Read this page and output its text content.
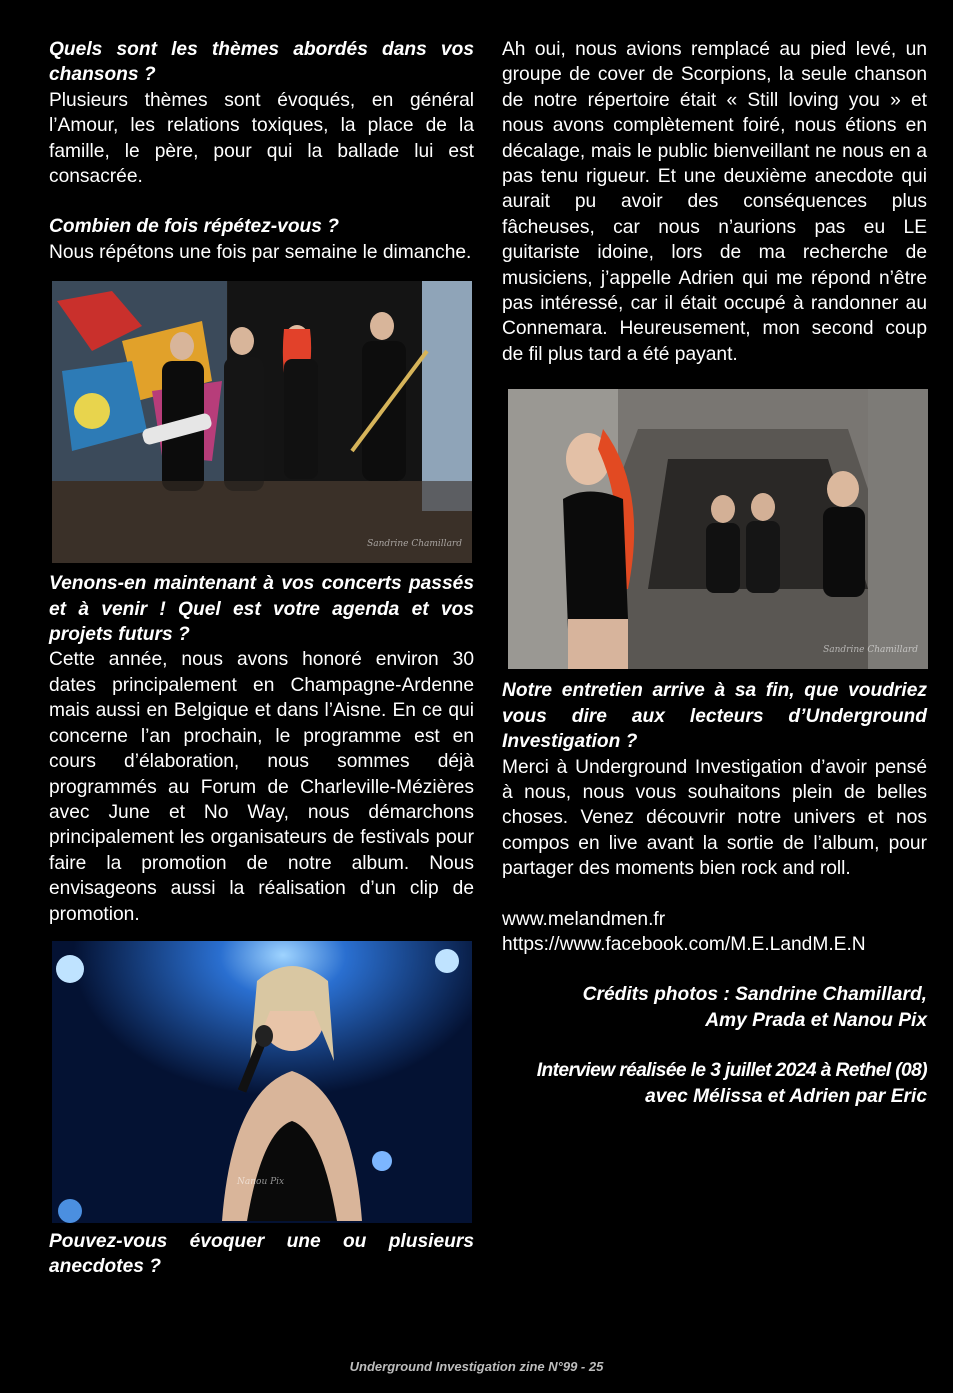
Quels sont les thèmes abordés dans vos chansons ?

Plusieurs thèmes sont évoqués, en général l’Amour, les relations toxiques, la place de la famille, le père, pour qui la ballade lui est consacrée.

Combien de fois répétez-vous ?

Nous répétons une fois par semaine le dimanche.

Sandrine Chamillard
Venons-en maintenant à vos concerts passés et à venir ! Quel est votre agenda et vos projets futurs ?

Cette année, nous avons honoré environ 30 dates principalement en Champagne-Ardenne mais aussi en Belgique et dans l’Aisne. En ce qui concerne l’an prochain, le programme est en cours d’élaboration, nous sommes déjà programmés au Forum de Charleville-Mézières avec June et No Way, nous démarchons principalement les organisateurs de festivals pour faire la promotion de notre album. Nous envisageons aussi la réalisation d’un clip de promotion.

Nanou Pix
Pouvez-vous évoquer une ou plusieurs anecdotes ?

Ah oui, nous avions remplacé au pied levé, un groupe de cover de Scorpions, la seule chanson de notre répertoire était « Still loving you » et nous avons complètement foiré, nous étions en décalage, mais le public bienveillant ne nous en a pas tenu rigueur. Et une deuxième anecdote qui aurait pu avoir des conséquences plus fâcheuses, car nous n’aurions pas eu LE guitariste idoine, lors de ma recherche de musiciens, j’appelle Adrien qui me répond n’être pas intéressé, car il était occupé à randonner au Connemara. Heureusement, mon second coup de fil plus tard a été payant.

Sandrine Chamillard
Notre entretien arrive à sa fin, que voudriez vous dire aux lecteurs d’Underground Investigation ?

Merci à Underground Investigation d’avoir pensé à nous, nous vous souhaitons plein de belles choses. Venez découvrir notre univers et nos compos en live avant la sortie de l’album, pour partager des moments bien rock and roll.

www.melandmen.fr
https://www.facebook.com/M.E.LandM.E.N
Crédits photos : Sandrine Chamillard,
Amy Prada et Nanou Pix
Interview réalisée le 3 juillet 2024 à Rethel (08)
avec Mélissa et Adrien par Eric
Underground Investigation zine N°99 - 25
